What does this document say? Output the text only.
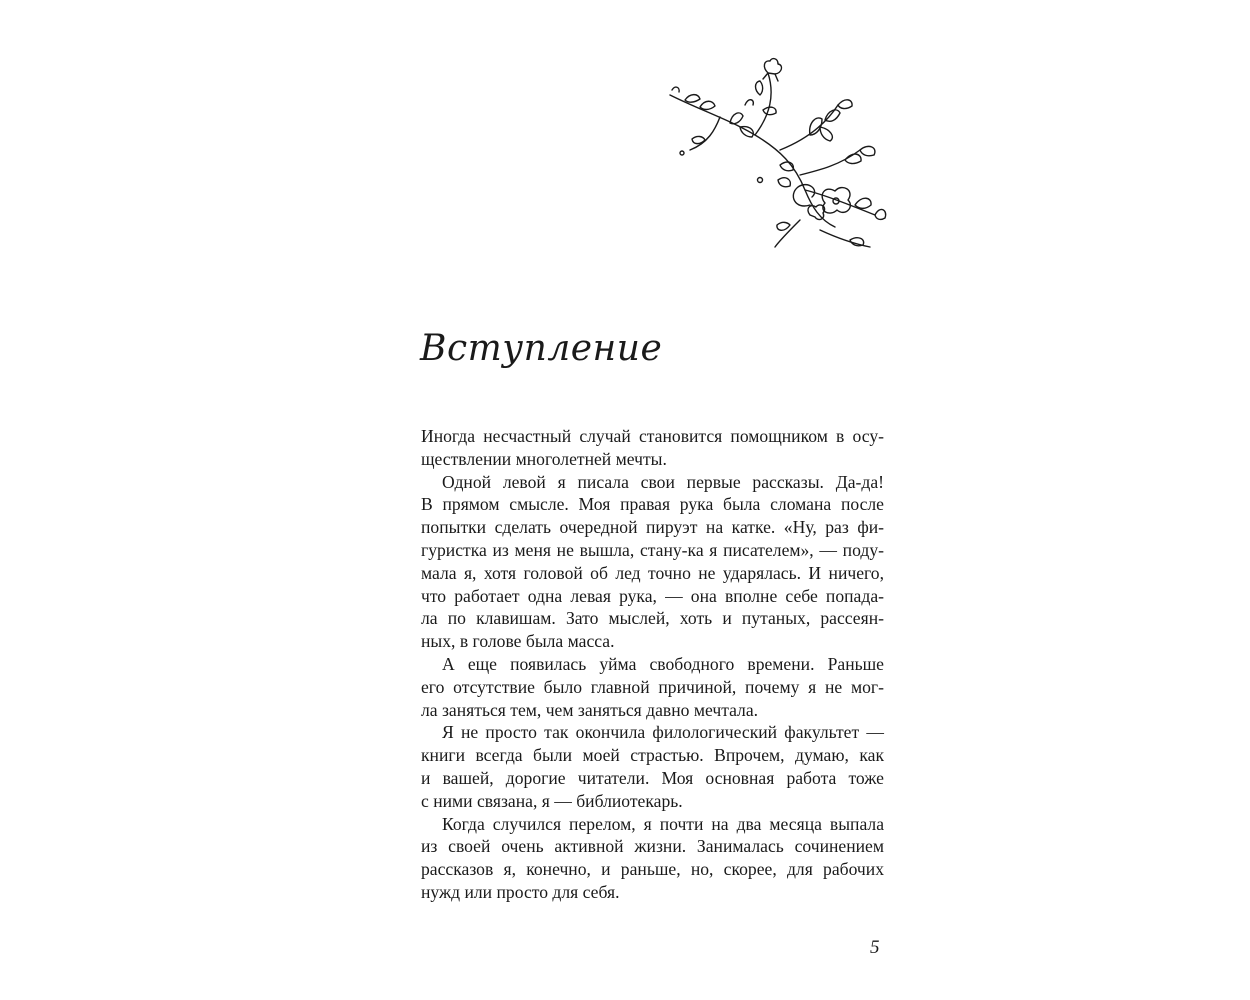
Вступление

Иногда несчастный случай становится помощником в осу-
ществлении многолетней мечты.

Одной левой я писала свои первые рассказы. Да-да!
В прямом смысле. Моя правая рука была сломана после
попытки сделать очередной пируэт на катке. «Ну, раз фи-
гуристка из меня не вышла, стану-ка я писателем», — поду-
мала я, хотя головой об лед точно не ударялась. И ничего,
что работает одна левая рука, — она вполне себе попада-
ла по клавишам. Зато мыслей, хоть и путаных, рассеян-
ных, в голове была масса.

А еще появилась уйма свободного времени. Раньше
его отсутствие было главной причиной, почему я не мог-
ла заняться тем, чем заняться давно мечтала.

Я не просто так окончила филологический факультет —
книги всегда были моей страстью. Впрочем, думаю, как
и вашей, дорогие читатели. Моя основная работа тоже
с ними связана, я — библиотекарь.

Когда случился перелом, я почти на два месяца выпала
из своей очень активной жизни. Занималась сочинением
рассказов я, конечно, и раньше, но, скорее, для рабочих
нужд или просто для себя.

5
